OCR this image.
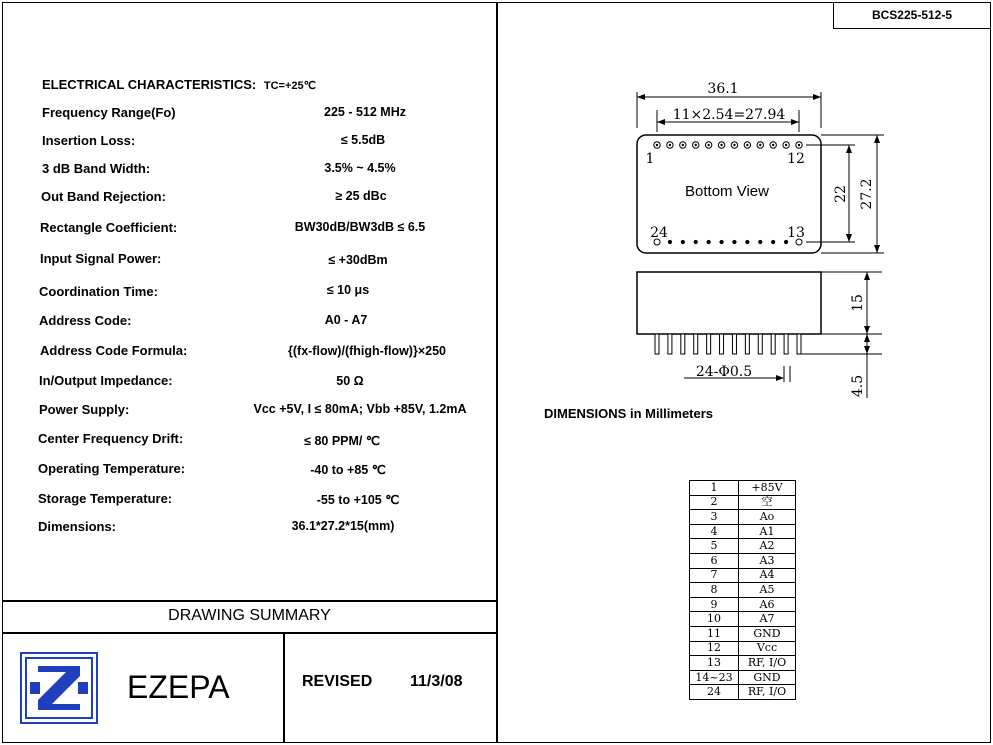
BCS225-512-5
ELECTRICAL CHARACTERISTICS: TC=+25℃
Frequency Range(Fo)	225 - 512 MHz
Insertion Loss:	≤ 5.5dB
3 dB Band Width:	3.5% ~ 4.5%
Out Band Rejection:	≥ 25 dBc
Rectangle Coefficient:	BW30dB/BW3dB ≤ 6.5
Input Signal Power:	≤ +30dBm
Coordination Time:	≤ 10 μs
Address Code:	A0 - A7
Address Code Formula:	{(fx-flow)/(fhigh-flow)}×250
In/Output Impedance:	50 Ω
Power Supply:	Vcc +5V, I ≤ 80mA; Vbb +85V, 1.2mA
Center Frequency Drift:	≤ 80 PPM/ ℃
Operating Temperature:	-40 to +85 ℃
Storage Temperature:	-55 to +105 ℃
Dimensions:	36.1*27.2*15(mm)
DRAWING SUMMARY
EZEPA	REVISED 11/3/08
36.1
11×2.54=27.94
1	12
24	13
Bottom View	22 27.2
15
4.5
24-Φ0.5
DIMENSIONS in Millimeters
1	+85V
2	空
3	Ao
4	A1
5	A2
6	A3
7	A4
8	A5
9	A6
10	A7
11	GND
12	Vcc
13	RF, I/O
14~23	GND
24	RF, I/O
